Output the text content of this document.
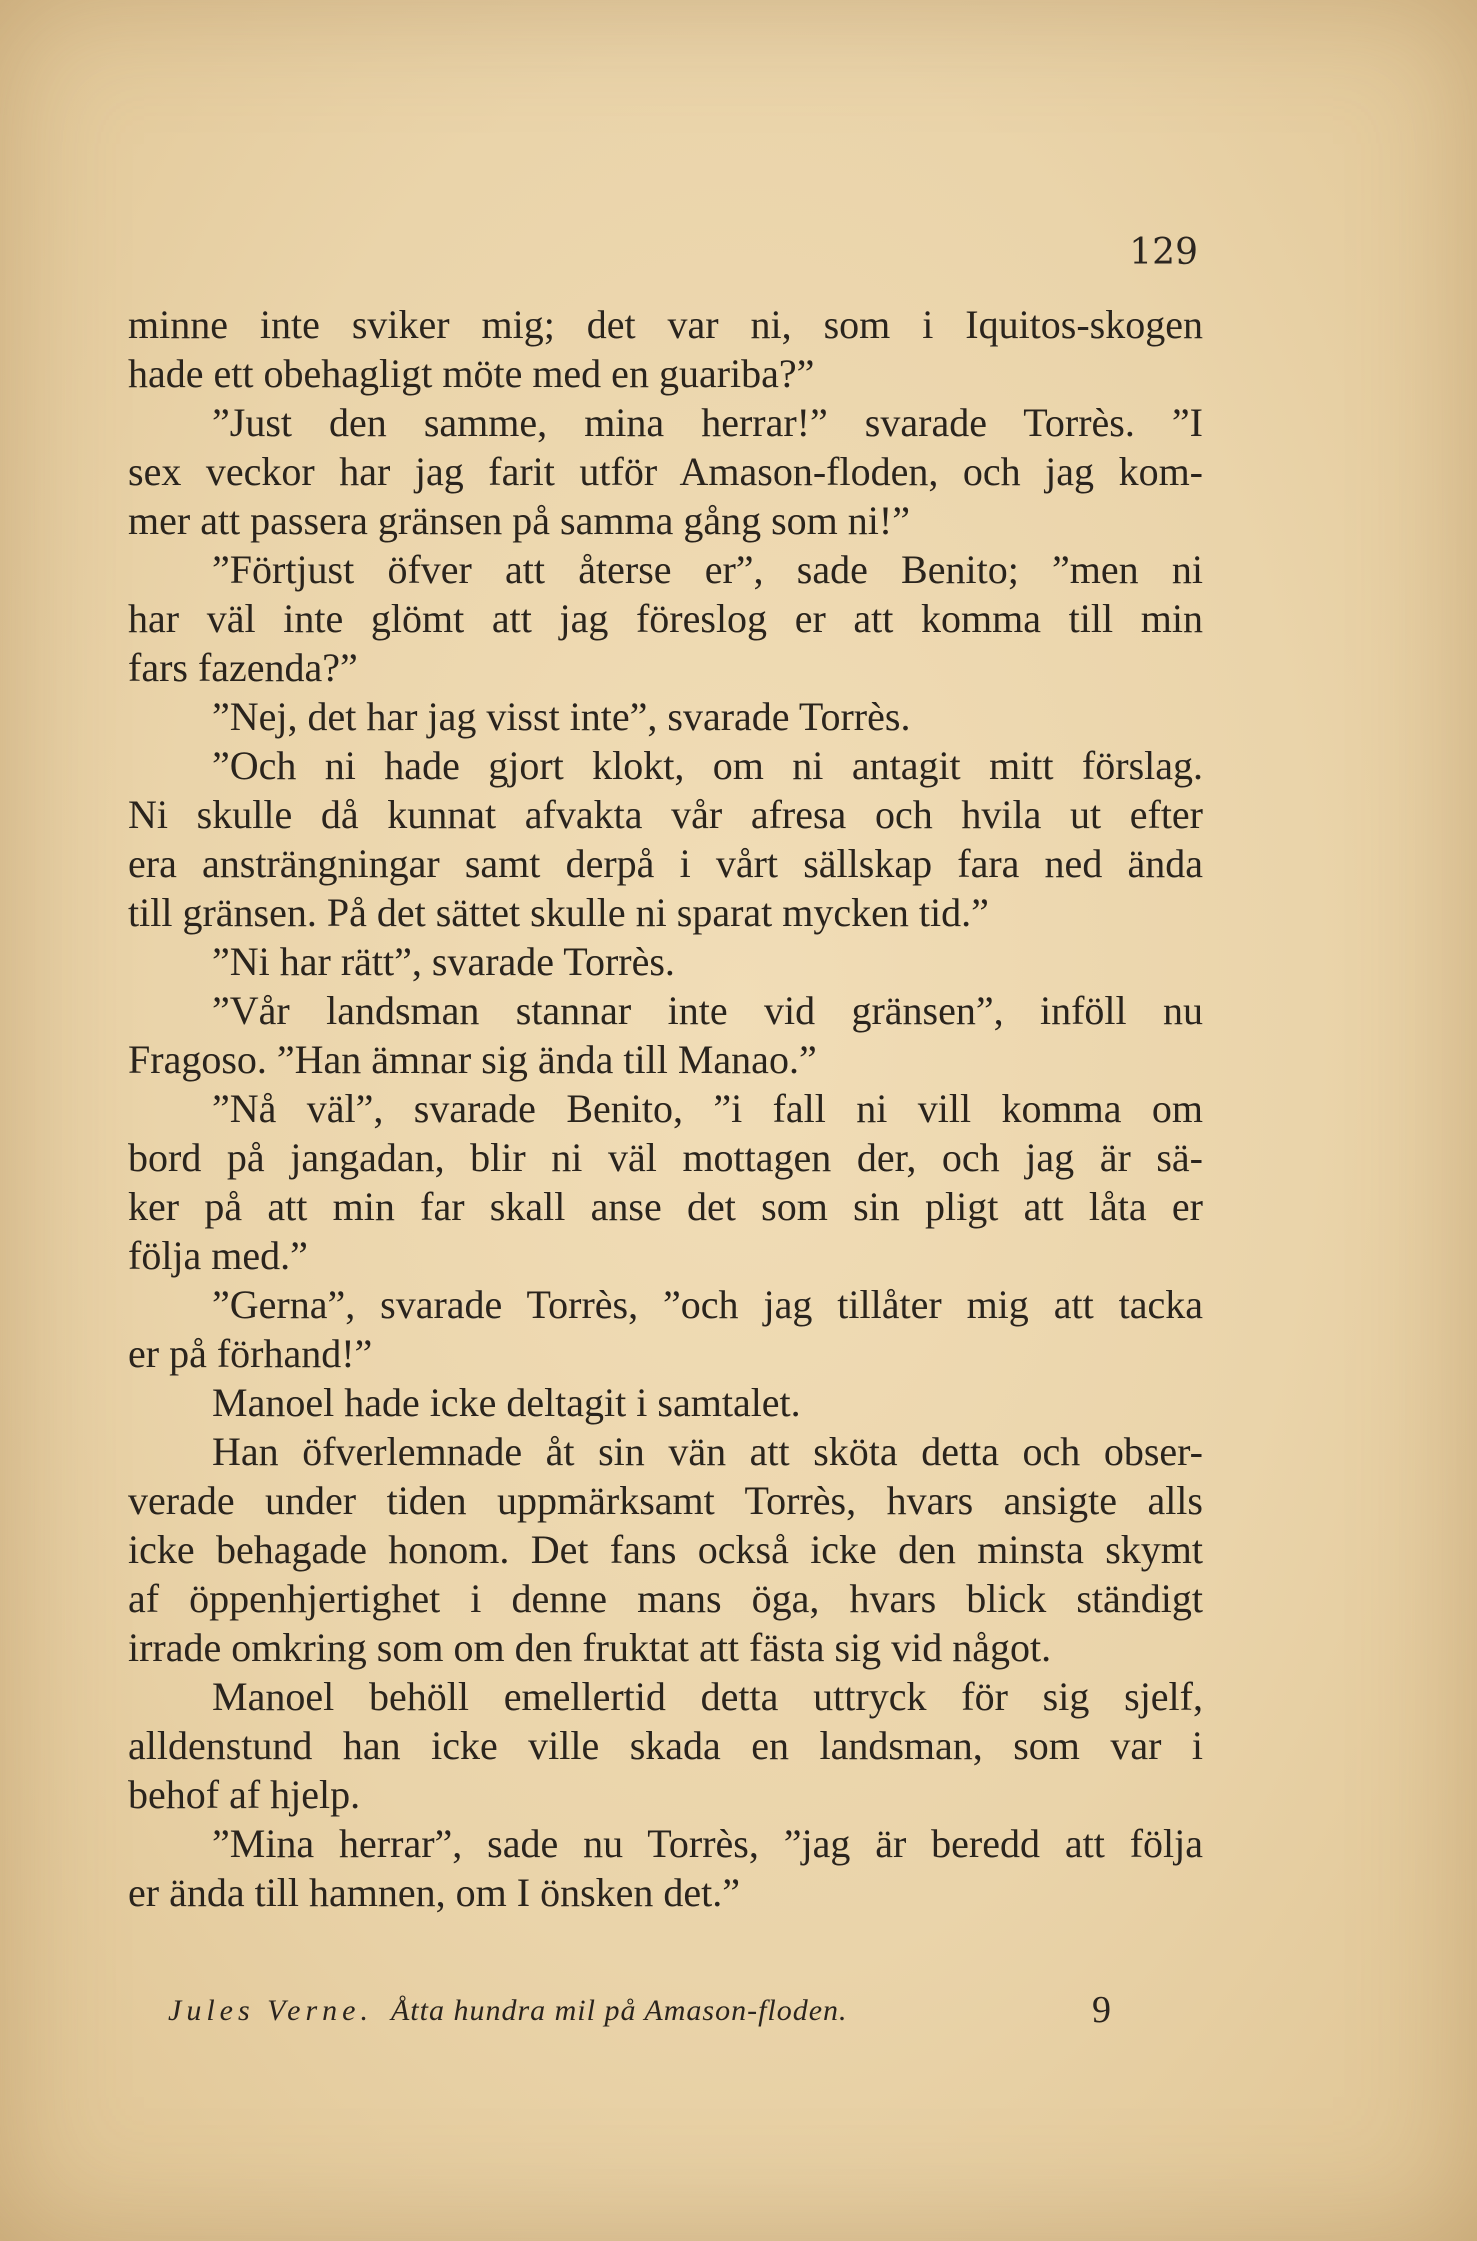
129
minne inte sviker mig; det var ni, som i Iquitos-skogen
hade ett obehagligt möte med en guariba?”
”Just den samme, mina herrar!” svarade Torrès. ”I
sex veckor har jag farit utför Amason-floden, och jag kom-
mer att passera gränsen på samma gång som ni!”
”Förtjust öfver att återse er”, sade Benito; ”men ni
har väl inte glömt att jag föreslog er att komma till min
fars fazenda?”
”Nej, det har jag visst inte”, svarade Torrès.
”Och ni hade gjort klokt, om ni antagit mitt förslag.
Ni skulle då kunnat afvakta vår afresa och hvila ut efter
era ansträngningar samt derpå i vårt sällskap fara ned ända
till gränsen. På det sättet skulle ni sparat mycken tid.”
”Ni har rätt”, svarade Torrès.
”Vår landsman stannar inte vid gränsen”, inföll nu
Fragoso. ”Han ämnar sig ända till Manao.”
”Nå väl”, svarade Benito, ”i fall ni vill komma om
bord på jangadan, blir ni väl mottagen der, och jag är sä-
ker på att min far skall anse det som sin pligt att låta er
följa med.”
”Gerna”, svarade Torrès, ”och jag tillåter mig att tacka
er på förhand!”
Manoel hade icke deltagit i samtalet.
Han öfverlemnade åt sin vän att sköta detta och obser-
verade under tiden uppmärksamt Torrès, hvars ansigte alls
icke behagade honom. Det fans också icke den minsta skymt
af öppenhjertighet i denne mans öga, hvars blick ständigt
irrade omkring som om den fruktat att fästa sig vid något.
Manoel behöll emellertid detta uttryck för sig sjelf,
alldenstund han icke ville skada en landsman, som var i
behof af hjelp.
”Mina herrar”, sade nu Torrès, ”jag är beredd att följa
er ända till hamnen, om I önsken det.”
Jules Verne. Åtta hundra mil på Amason-floden.	9
